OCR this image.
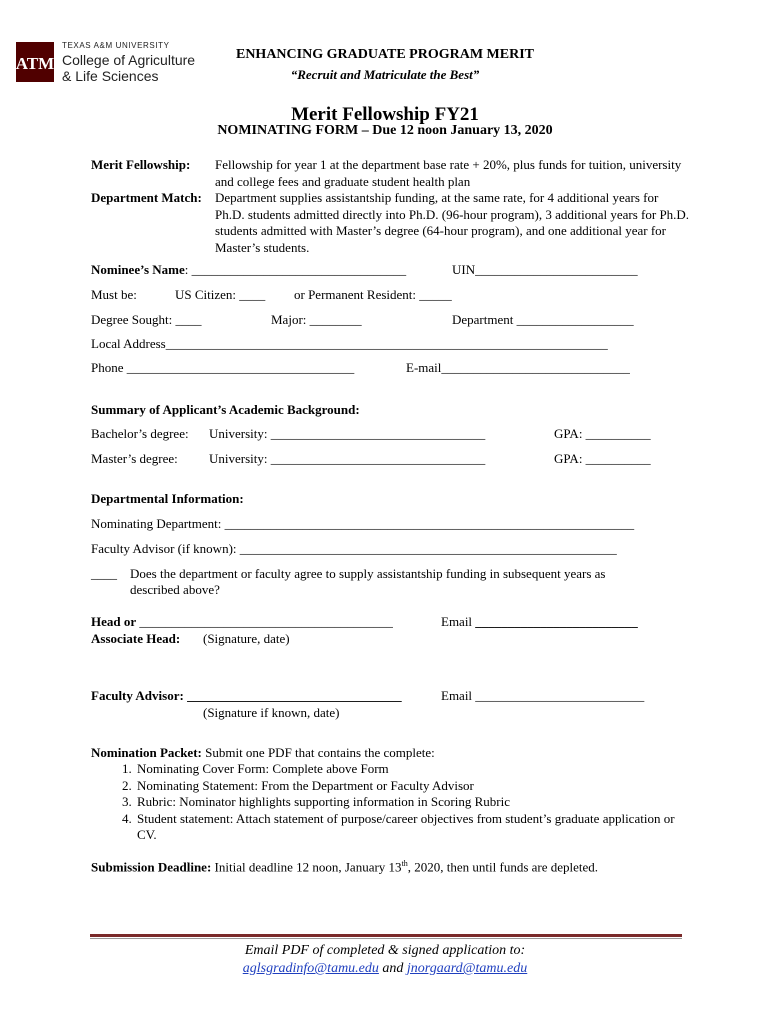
ATM
TEXAS A&M UNIVERSITY
College of Agriculture
& Life Sciences
ENHANCING GRADUATE PROGRAM MERIT
“Recruit and Matriculate the Best”
Merit Fellowship FY21
NOMINATING FORM – Due 12 noon January 13, 2020
Merit Fellowship: Fellowship for year 1 at the department base rate + 20%, plus funds for tuition, university and college fees and graduate student health plan
Department Match: Department supplies assistantship funding, at the same rate, for 4 additional years for Ph.D. students admitted directly into Ph.D. (96-hour program), 3 additional years for Ph.D. students admitted with Master’s degree (64-hour program), and one additional year for Master’s students.
Nominee’s Name: _________________________________	UIN_________________________
Must be:	US Citizen: ____ or Permanent Resident: _____
Degree Sought: ____	Major: ________	Department __________________
Local Address____________________________________________________________________
Phone ___________________________________	E-mail_____________________________
Summary of Applicant’s Academic Background:
Bachelor’s degree: University: _________________________________	GPA: __________
Master’s degree: University: _________________________________	GPA: __________
Departmental Information:
Nominating Department: _______________________________________________________________
Faculty Advisor (if known): __________________________________________________________
____ Does the department or faculty agree to supply assistantship funding in subsequent years as
described above?
Head or _______________________________________	Email _________________________
Associate Head: (Signature, date)
Faculty Advisor: _________________________________	Email __________________________
(Signature if known, date)
Nomination Packet: Submit one PDF that contains the complete:
1. Nominating Cover Form: Complete above Form
2. Nominating Statement: From the Department or Faculty Advisor
3. Rubric: Nominator highlights supporting information in Scoring Rubric
4. Student statement: Attach statement of purpose/career objectives from student’s graduate application or CV.
Submission Deadline: Initial deadline 12 noon, January 13th, 2020, then until funds are depleted.
Email PDF of completed & signed application to:
aglsgradinfo@tamu.edu and jnorgaard@tamu.edu
